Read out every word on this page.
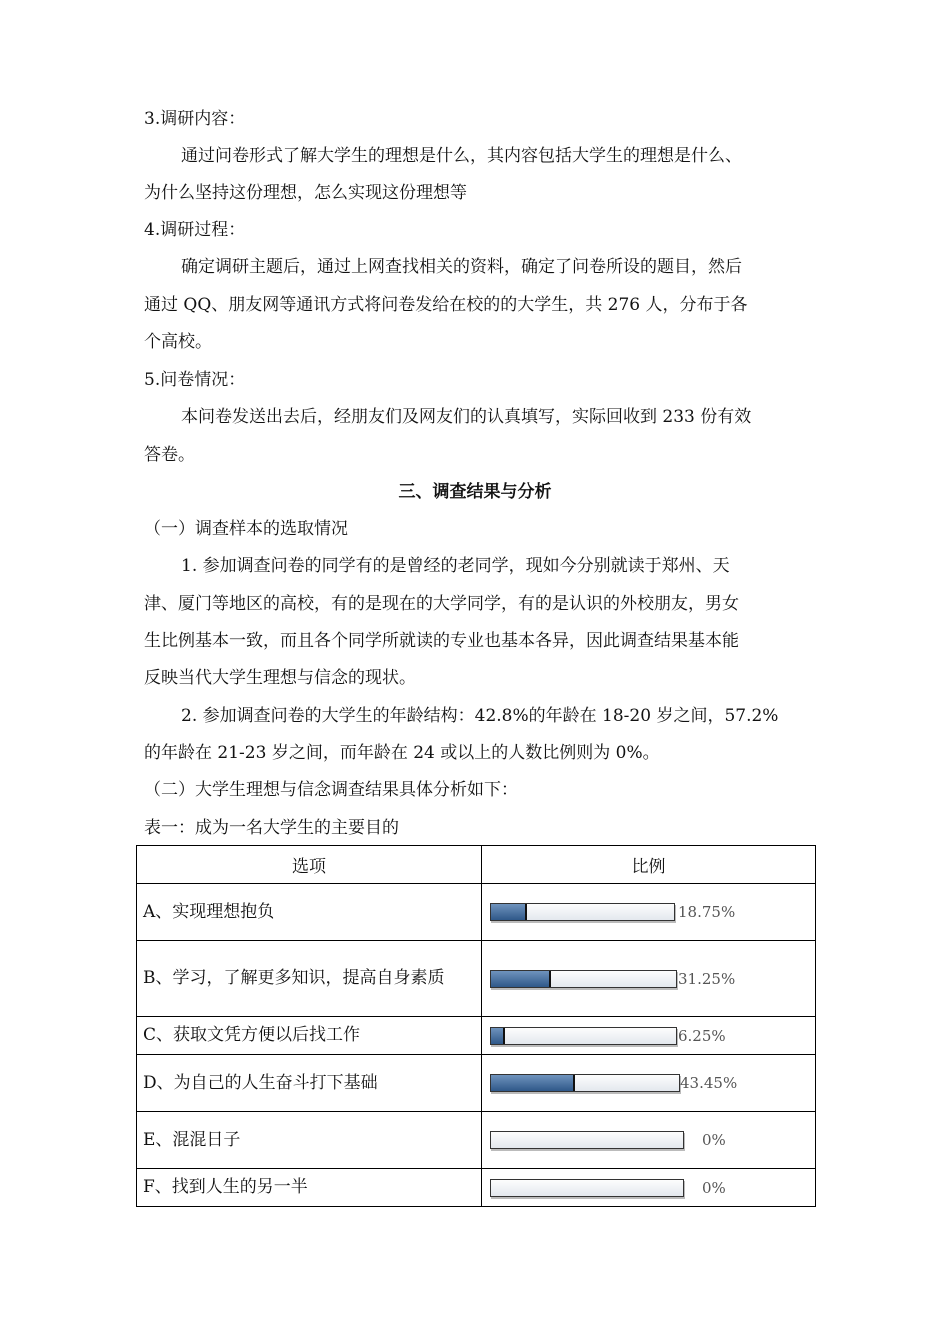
3.调研内容：
通过问卷形式了解大学生的理想是什么，其内容包括大学生的理想是什么、
为什么坚持这份理想，怎么实现这份理想等
4.调研过程：
确定调研主题后，通过上网查找相关的资料，确定了问卷所设的题目，然后
通过 QQ、朋友网等通讯方式将问卷发给在校的的大学生，共 276 人，分布于各
个高校。
5.问卷情况：
本问卷发送出去后，经朋友们及网友们的认真填写，实际回收到 233 份有效
答卷。
三、调查结果与分析
（一）调查样本的选取情况
1. 参加调查问卷的同学有的是曾经的老同学，现如今分别就读于郑州、天
津、厦门等地区的高校，有的是现在的大学同学，有的是认识的外校朋友，男女
生比例基本一致，而且各个同学所就读的专业也基本各异，因此调查结果基本能
反映当代大学生理想与信念的现状。
2. 参加调查问卷的大学生的年龄结构：42.8%的年龄在 18-20 岁之间，57.2%
的年龄在 21-23 岁之间，而年龄在 24 或以上的人数比例则为 0%。
（二）大学生理想与信念调查结果具体分析如下：
表一：成为一名大学生的主要目的
选项	比例
A、实现理想抱负	18.75%

B、学习，了解更多知识，提高自身素质	31.25%

C、获取文凭方便以后找工作	6.25%

D、为自己的人生奋斗打下基础	43.45%

E、混混日子	0%

F、找到人生的另一半	0%
